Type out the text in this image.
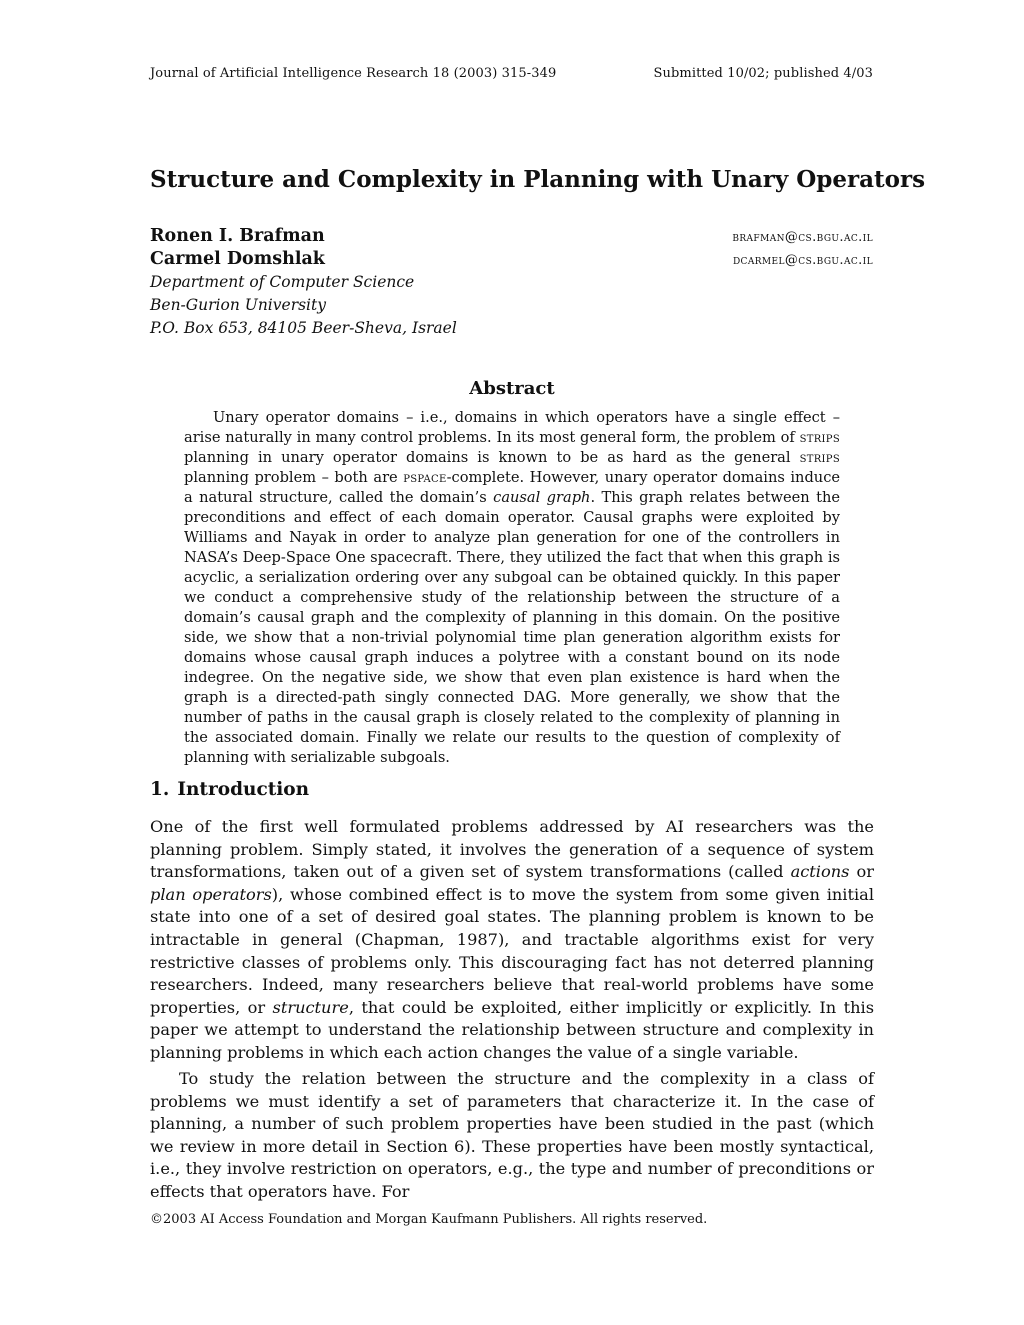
Journal of Artificial Intelligence Research 18 (2003) 315-349	Submitted 10/02; published 4/03
Structure and Complexity in Planning with Unary Operators
Ronen I. Brafman	brafman@cs.bgu.ac.il
Carmel Domshlak	dcarmel@cs.bgu.ac.il
Department of Computer Science
Ben-Gurion University
P.O. Box 653, 84105 Beer-Sheva, Israel
Abstract

Unary operator domains – i.e., domains in which operators have a single effect – arise naturally in many control problems. In its most general form, the problem of strips planning in unary operator domains is known to be as hard as the general strips planning problem – both are pspace-complete. However, unary operator domains induce a natural structure, called the domain’s causal graph. This graph relates between the preconditions and effect of each domain operator. Causal graphs were exploited by Williams and Nayak in order to analyze plan generation for one of the controllers in NASA’s Deep-Space One spacecraft. There, they utilized the fact that when this graph is acyclic, a serialization ordering over any subgoal can be obtained quickly. In this paper we conduct a comprehensive study of the relationship between the structure of a domain’s causal graph and the complexity of planning in this domain. On the positive side, we show that a non-trivial polynomial time plan generation algorithm exists for domains whose causal graph induces a polytree with a constant bound on its node indegree. On the negative side, we show that even plan existence is hard when the graph is a directed-path singly connected DAG. More generally, we show that the number of paths in the causal graph is closely related to the complexity of planning in the associated domain. Finally we relate our results to the question of complexity of planning with serializable subgoals.

1. Introduction

One of the first well formulated problems addressed by AI researchers was the planning problem. Simply stated, it involves the generation of a sequence of system transformations, taken out of a given set of system transformations (called actions or plan operators), whose combined effect is to move the system from some given initial state into one of a set of desired goal states. The planning problem is known to be intractable in general (Chapman, 1987), and tractable algorithms exist for very restrictive classes of problems only. This discouraging fact has not deterred planning researchers. Indeed, many researchers believe that real-world problems have some properties, or structure, that could be exploited, either implicitly or explicitly. In this paper we attempt to understand the relationship between structure and complexity in planning problems in which each action changes the value of a single variable.

To study the relation between the structure and the complexity in a class of problems we must identify a set of parameters that characterize it. In the case of planning, a number of such problem properties have been studied in the past (which we review in more detail in Section 6). These properties have been mostly syntactical, i.e., they involve restriction on operators, e.g., the type and number of preconditions or effects that operators have. For

©2003 AI Access Foundation and Morgan Kaufmann Publishers. All rights reserved.
